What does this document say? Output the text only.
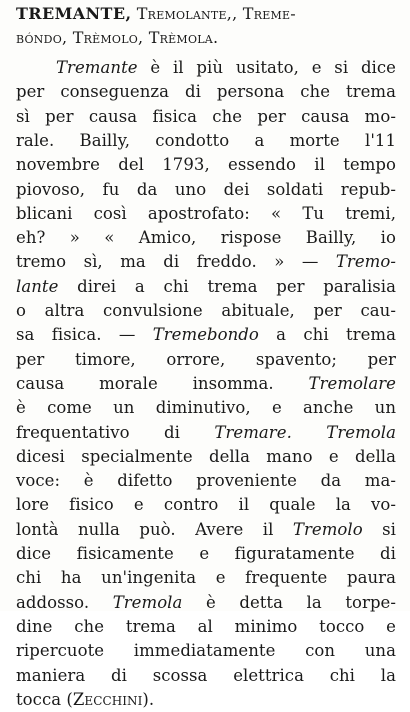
TREMANTE, Tremolante,, Treme-
bóndo, Trèmolo, Trèmola.
Tremante è il più usitato, e si dice
per conseguenza di persona che trema
sì per causa fisica che per causa mo-
rale. Bailly, condotto a morte l'11
novembre del 1793, essendo il tempo
piovoso, fu da uno dei soldati repub-
blicani così apostrofato: « Tu tremi,
eh? » « Amico, rispose Bailly, io
tremo sì, ma di freddo. » — Tremo-
lante direi a chi trema per paralisia
o altra convulsione abituale, per cau-
sa fisica. — Tremebondo a chi trema
per timore, orrore, spavento; per
causa morale insomma. Tremolare
è come un diminutivo, e anche un
frequentativo di Tremare. Tremola
dicesi specialmente della mano e della
voce: è difetto proveniente da ma-
lore fisico e contro il quale la vo-
lontà nulla può. Avere il Tremolo si
dice fisicamente e figuratamente di
chi ha un'ingenita e frequente paura
addosso. Tremola è detta la torpe-
dine che trema al minimo tocco e
ripercuote immediatamente con una
maniera di scossa elettrica chi la
tocca (Zecchini).
